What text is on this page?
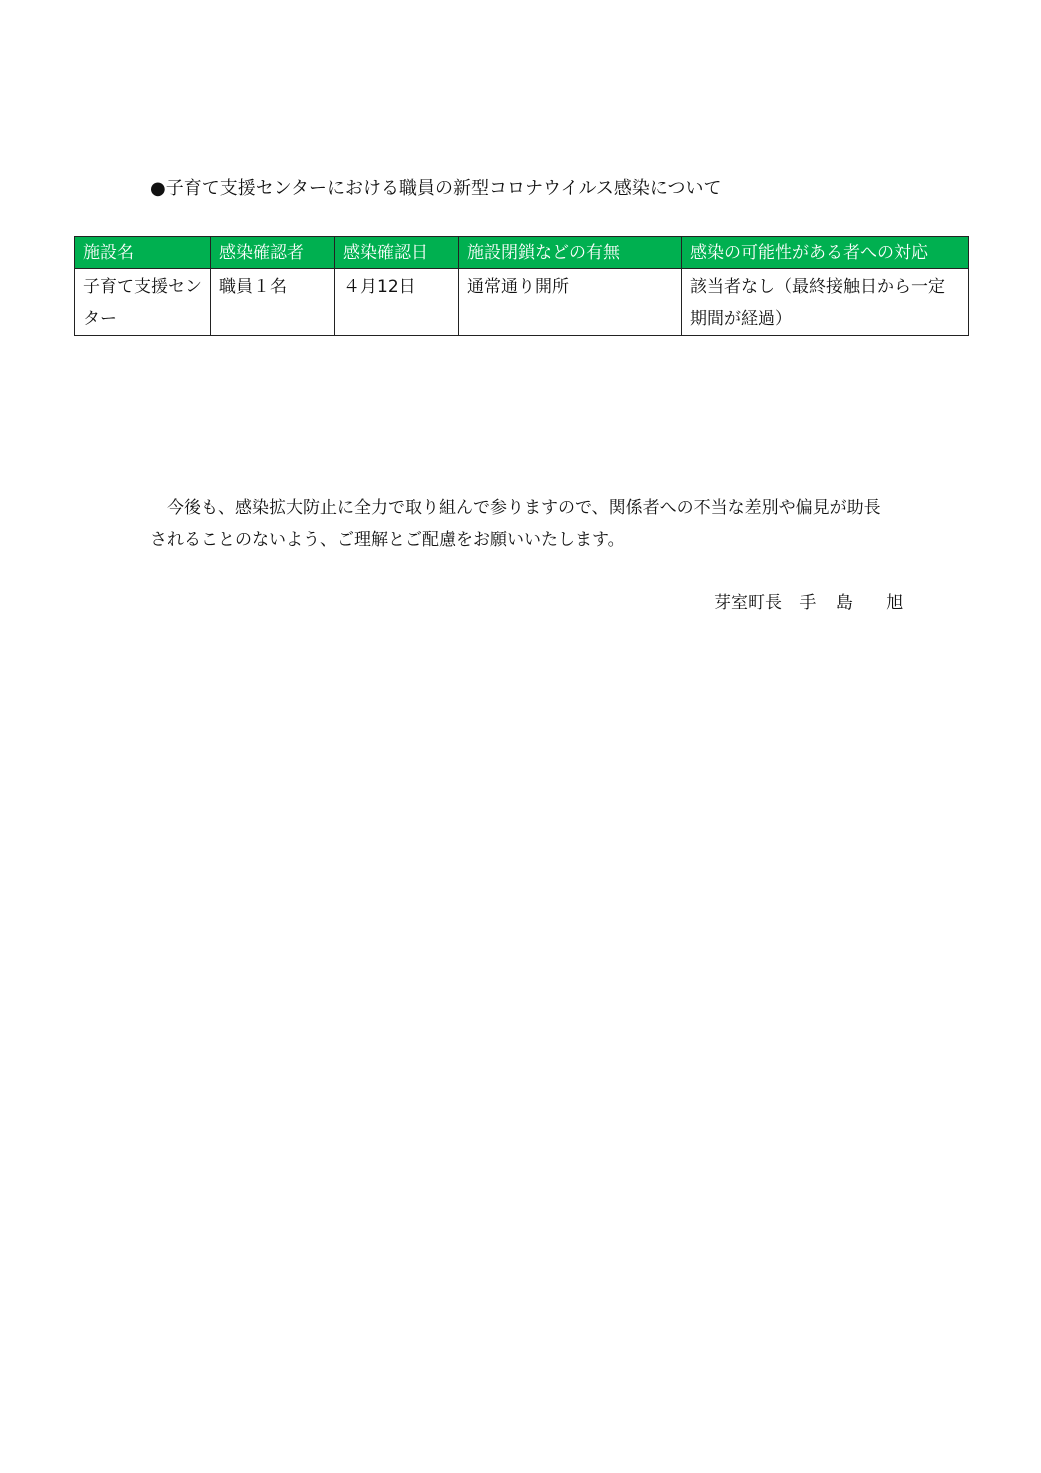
●子育て支援センターにおける職員の新型コロナウイルス感染について
施設名	感染確認者	感染確認日	施設閉鎖などの有無	感染の可能性がある者への対応
子育て支援センター	職員１名	４月12日	通常通り開所	該当者なし（最終接触日から一定期間が経過）

今後も、感染拡大防止に全力で取り組んで参りますので、関係者への不当な差別や偏見が助長されることのないよう、ご理解とご配慮をお願いいたします。

芽室町長 手 島 旭
